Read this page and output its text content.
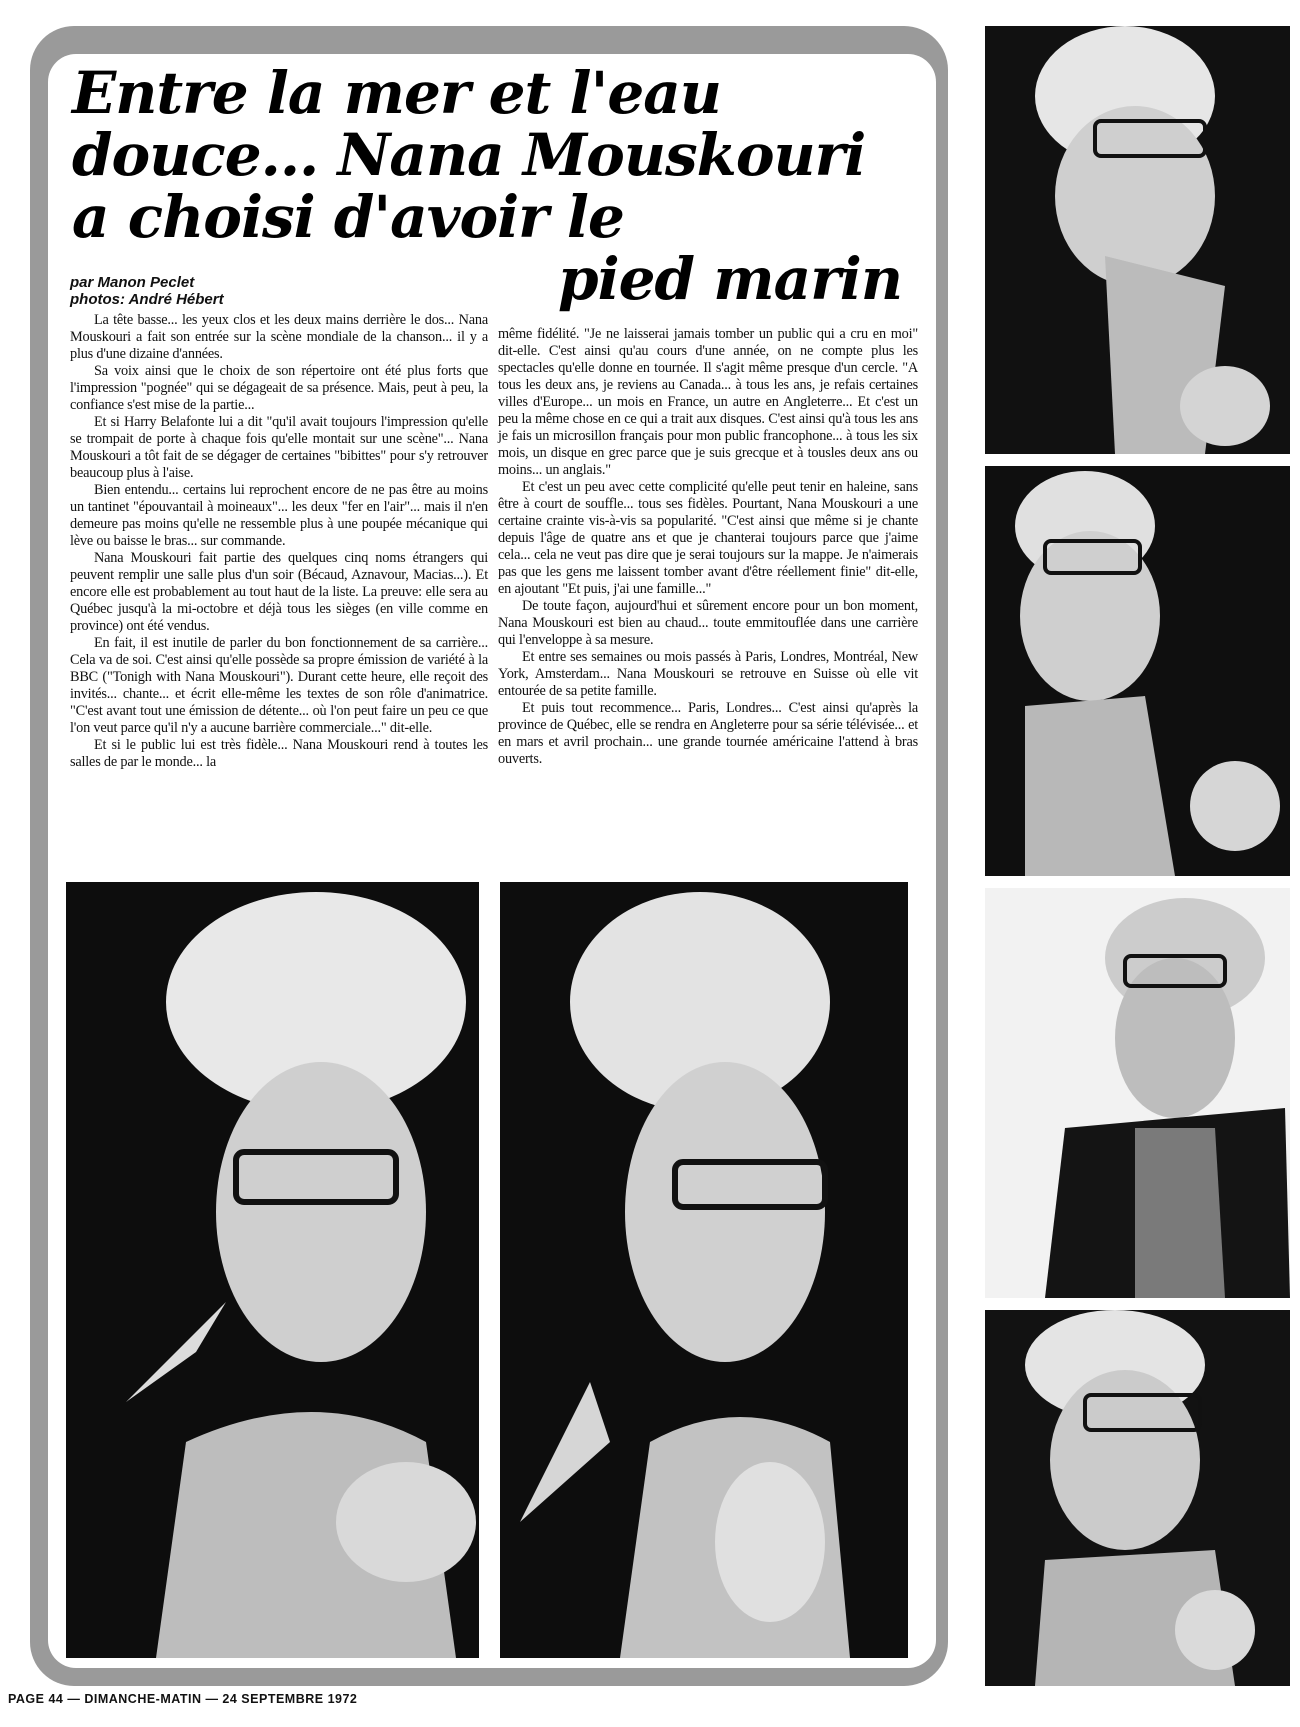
Entre la mer et l'eau
douce... Nana Mouskouri
a choisi d'avoir le
pied marin
par Manon Peclet
photos: André Hébert

La tête basse... les yeux clos et les deux mains derrière le dos... Nana Mouskouri a fait son entrée sur la scène mondiale de la chanson... il y a plus d'une dizaine d'années.

Sa voix ainsi que le choix de son répertoire ont été plus forts que l'impression "pognée" qui se dégageait de sa présence. Mais, peut à peu, la confiance s'est mise de la partie...

Et si Harry Belafonte lui a dit "qu'il avait toujours l'impression qu'elle se trompait de porte à chaque fois qu'elle montait sur une scène"... Nana Mouskouri a tôt fait de se dégager de certaines "bibittes" pour s'y retrouver beaucoup plus à l'aise.

Bien entendu... certains lui reprochent encore de ne pas être au moins un tantinet "épouvantail à moineaux"... les deux "fer en l'air"... mais il n'en demeure pas moins qu'elle ne ressemble plus à une poupée mécanique qui lève ou baisse le bras... sur commande.

Nana Mouskouri fait partie des quelques cinq noms étrangers qui peuvent remplir une salle plus d'un soir (Bécaud, Aznavour, Macias...). Et encore elle est probablement au tout haut de la liste. La preuve: elle sera au Québec jusqu'à la mi-octobre et déjà tous les sièges (en ville comme en province) ont été vendus.

En fait, il est inutile de parler du bon fonctionnement de sa carrière... Cela va de soi. C'est ainsi qu'elle possède sa propre émission de variété à la BBC ("Tonigh with Nana Mouskouri"). Durant cette heure, elle reçoit des invités... chante... et écrit elle-même les textes de son rôle d'animatrice. "C'est avant tout une émission de détente... où l'on peut faire un peu ce que l'on veut parce qu'il n'y a aucune barrière commerciale..." dit-elle.

Et si le public lui est très fidèle... Nana Mouskouri rend à toutes les salles de par le monde... la

même fidélité. "Je ne laisserai jamais tomber un public qui a cru en moi" dit-elle. C'est ainsi qu'au cours d'une année, on ne compte plus les spectacles qu'elle donne en tournée. Il s'agit même presque d'un cercle. "A tous les deux ans, je reviens au Canada... à tous les ans, je refais certaines villes d'Europe... un mois en France, un autre en Angleterre... Et c'est un peu la même chose en ce qui a trait aux disques. C'est ainsi qu'à tous les ans je fais un microsillon français pour mon public francophone... à tous les six mois, un disque en grec parce que je suis grecque et à tousles deux ans ou moins... un anglais."

Et c'est un peu avec cette complicité qu'elle peut tenir en haleine, sans être à court de souffle... tous ses fidèles. Pourtant, Nana Mouskouri a une certaine crainte vis-à-vis sa popularité. "C'est ainsi que même si je chante depuis l'âge de quatre ans et que je chanterai toujours parce que j'aime cela... cela ne veut pas dire que je serai toujours sur la mappe. Je n'aimerais pas que les gens me laissent tomber avant d'être réellement finie" dit-elle, en ajoutant "Et puis, j'ai une famille..."

De toute façon, aujourd'hui et sûrement encore pour un bon moment, Nana Mouskouri est bien au chaud... toute emmitouflée dans une carrière qui l'enveloppe à sa mesure.

Et entre ses semaines ou mois passés à Paris, Londres, Montréal, New York, Amsterdam... Nana Mouskouri se retrouve en Suisse où elle vit entourée de sa petite famille.

Et puis tout recommence... Paris, Londres... C'est ainsi qu'après la province de Québec, elle se rendra en Angleterre pour sa série télévisée... et en mars et avril prochain... une grande tournée américaine l'attend à bras ouverts.

PAGE 44 — DIMANCHE-MATIN — 24 SEPTEMBRE 1972
